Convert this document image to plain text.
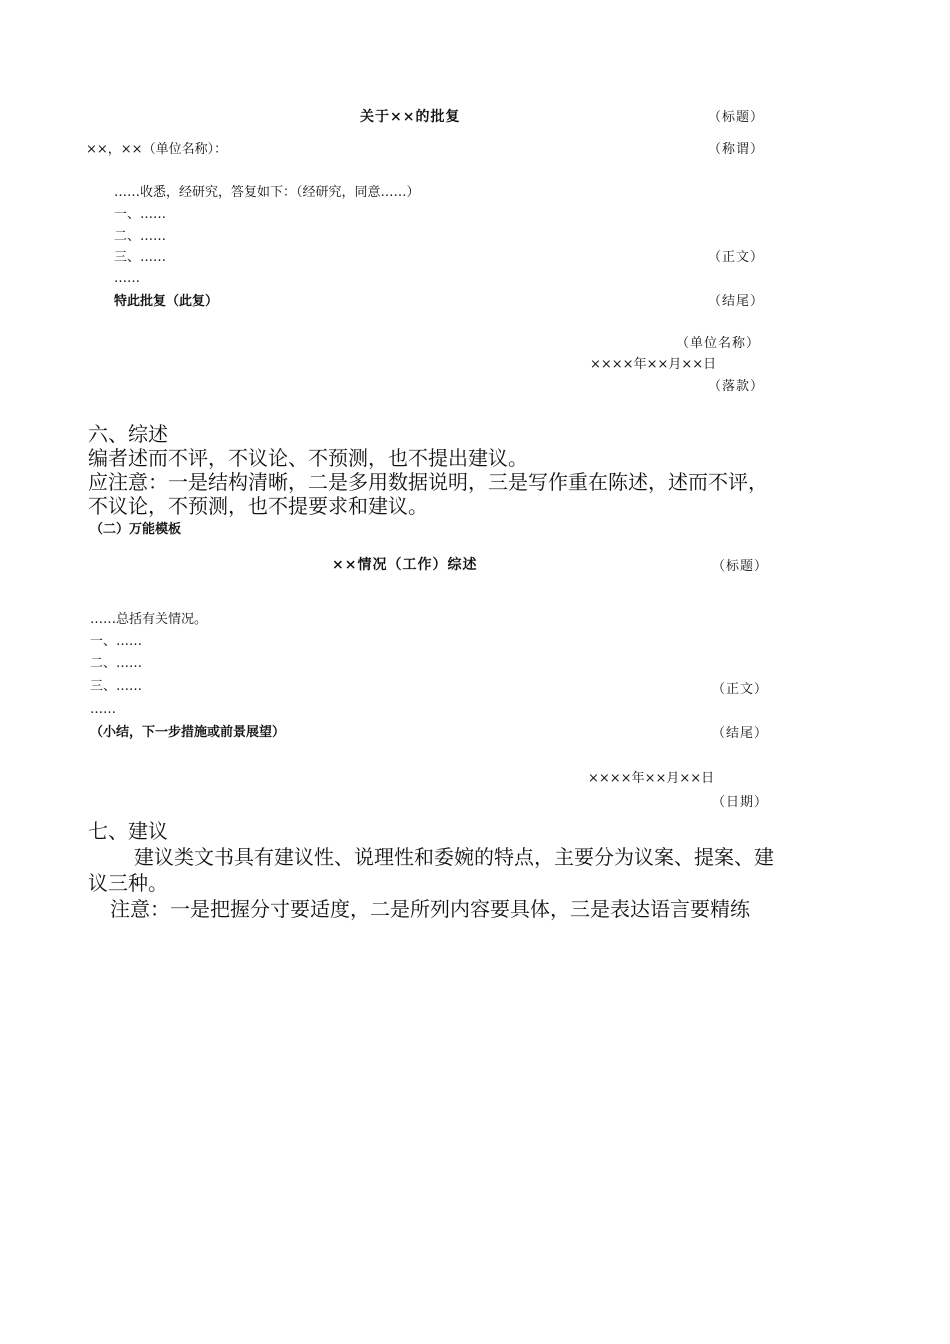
关于××的批复	（标题）
××，××（单位名称）：	（称谓）
……收悉，经研究，答复如下：（经研究，同意……）
一、……
二、……
三、……	（正文）
……
特此批复（此复）	（结尾）
（单位名称）
××××年××月××日
（落款）
六、综述
编者述而不评，不议论、不预测，也不提出建议。
应注意：一是结构清晰，二是多用数据说明，三是写作重在陈述，述而不评，
不议论，不预测，也不提要求和建议。
（二）万能模板
××情况（工作）综述	（标题）
……总括有关情况。
一、……
二、……
三、……	（正文）
……
（小结，下一步措施或前景展望）	（结尾）
××××年××月××日
（日期）
七、建议
建议类文书具有建议性、说理性和委婉的特点，主要分为议案、提案、建
议三种。
注意：一是把握分寸要适度，二是所列内容要具体，三是表达语言要精练
